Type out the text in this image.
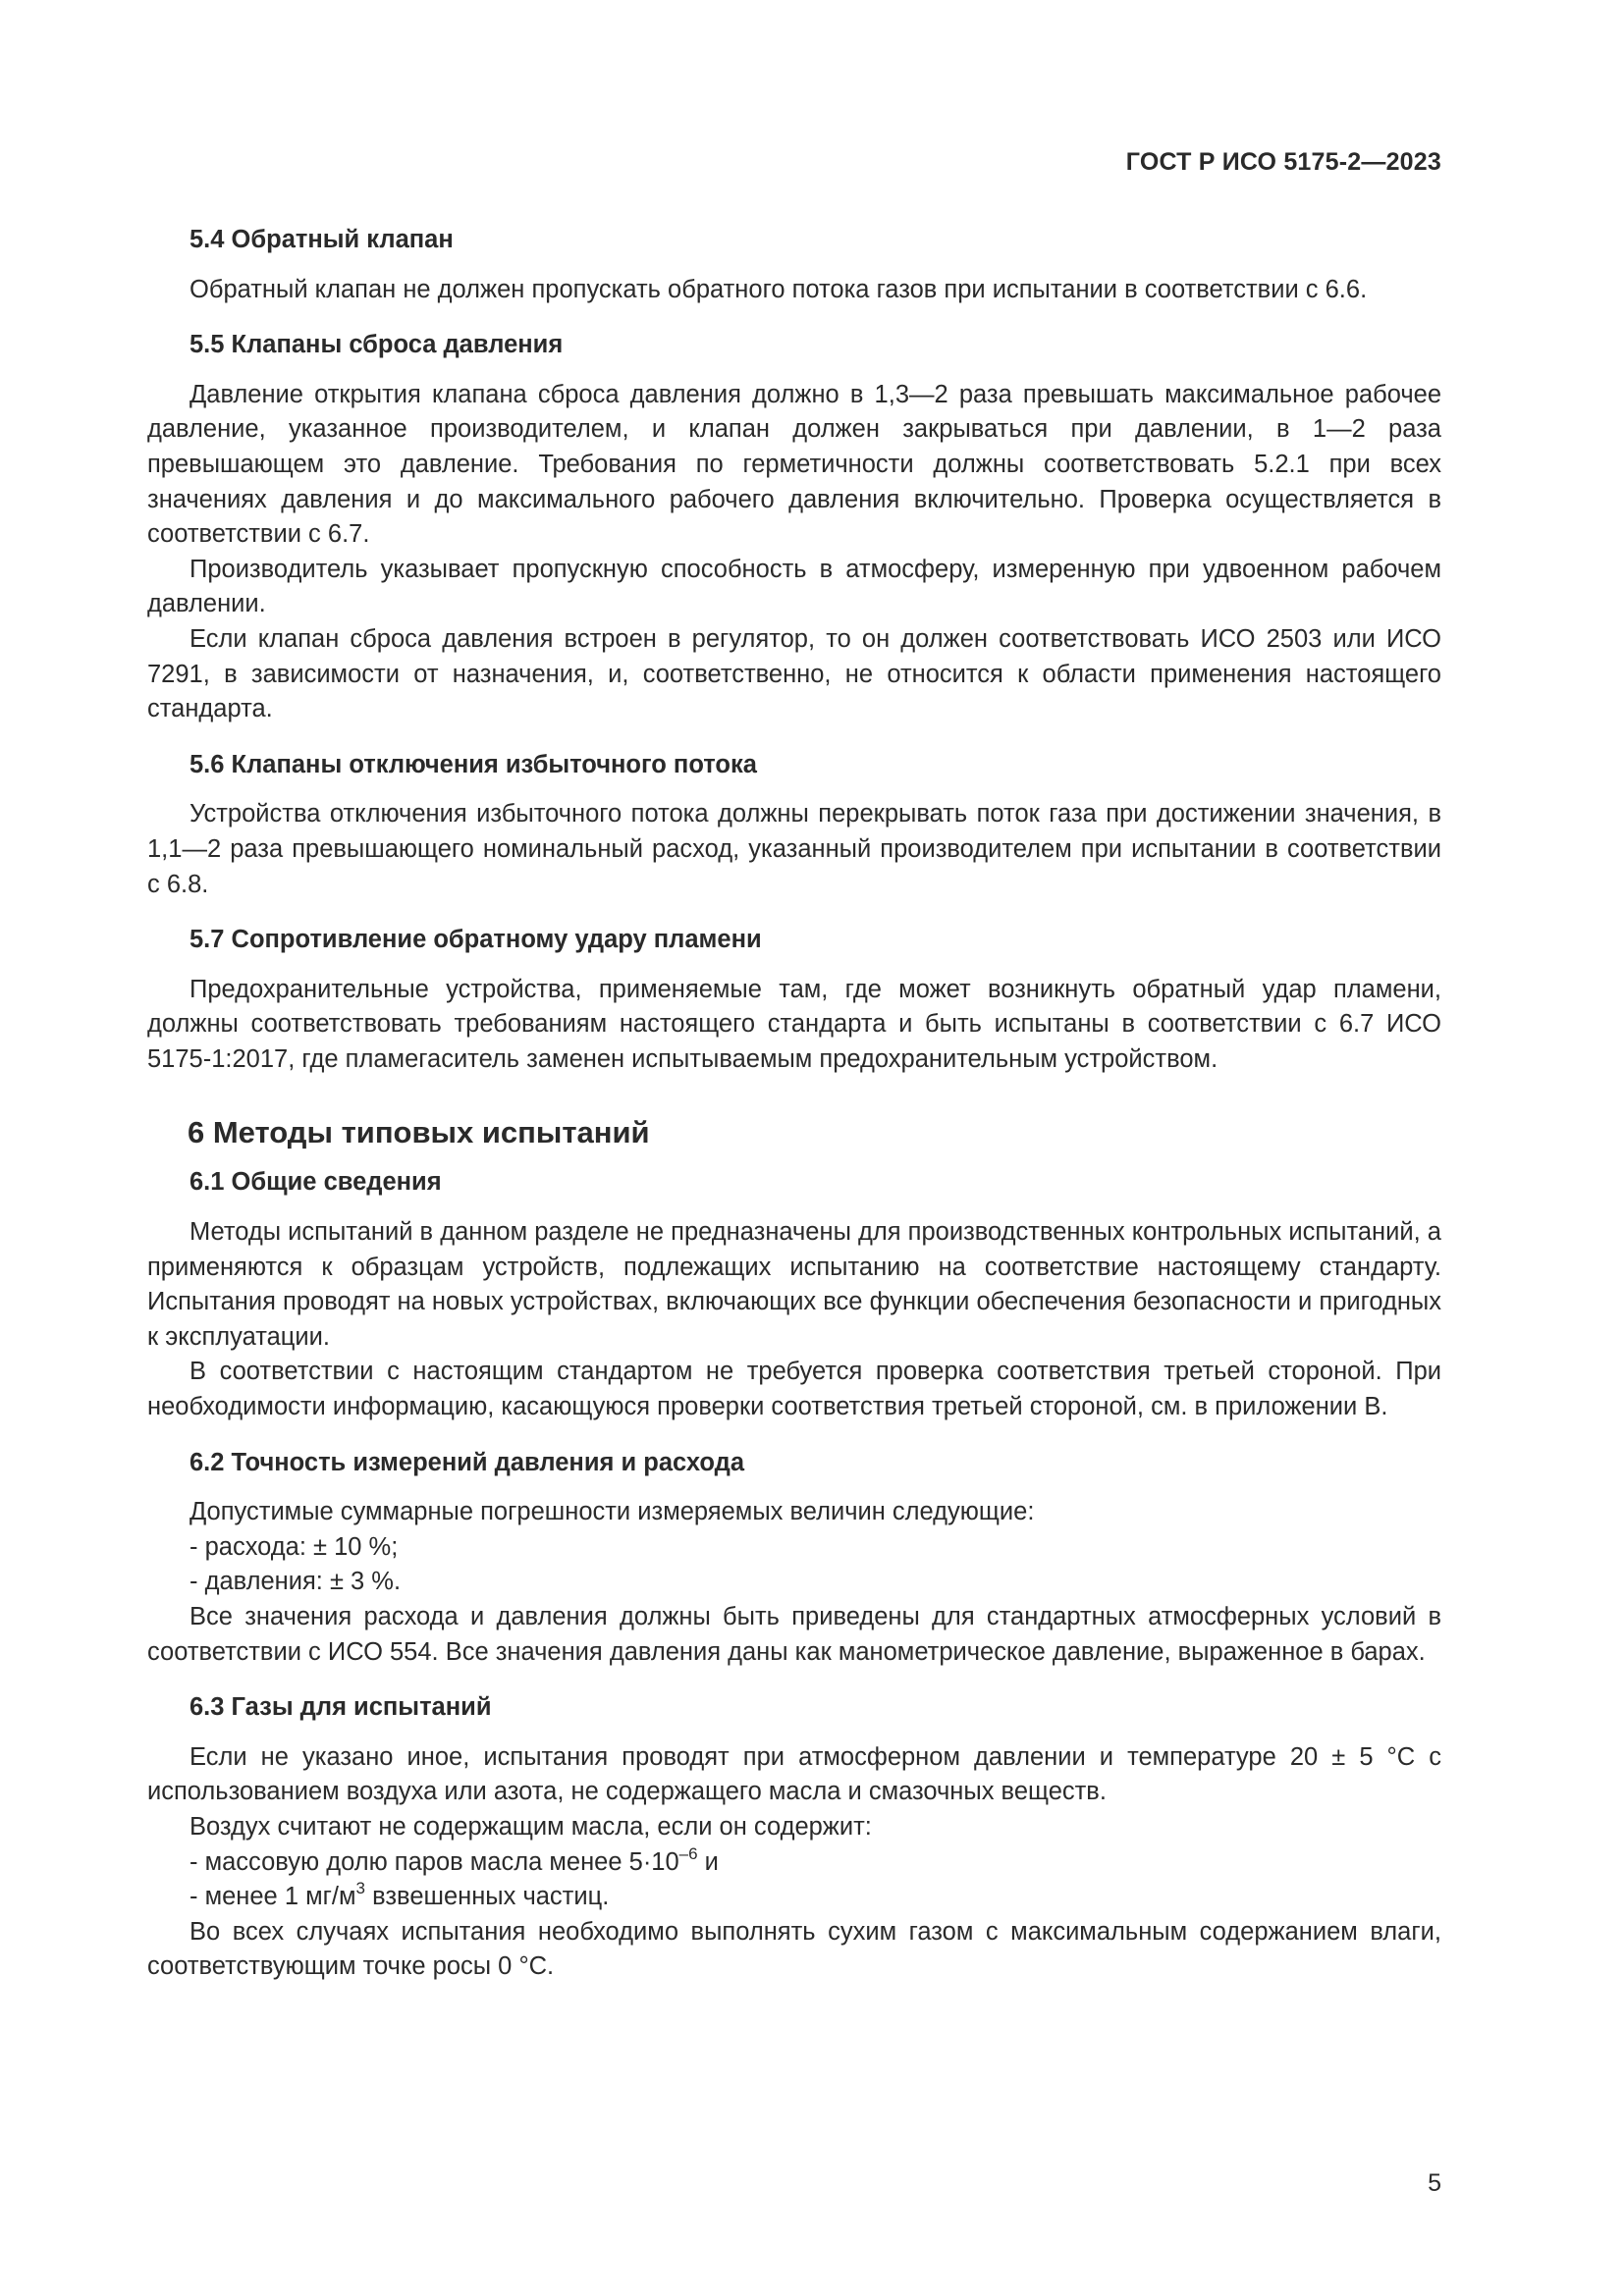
ГОСТ Р ИСО 5175-2—2023
5.4 Обратный клапан

Обратный клапан не должен пропускать обратного потока газов при испытании в соответствии с 6.6.

5.5 Клапаны сброса давления

Давление открытия клапана сброса давления должно в 1,3—2 раза превышать максимальное рабочее давление, указанное производителем, и клапан должен закрываться при давлении, в 1—2 раза превышающем это давление. Требования по герметичности должны соответствовать 5.2.1 при всех значениях давления и до максимального рабочего давления включительно. Проверка осуществляется в соответствии с 6.7.

Производитель указывает пропускную способность в атмосферу, измеренную при удвоенном рабочем давлении.

Если клапан сброса давления встроен в регулятор, то он должен соответствовать ИСО 2503 или ИСО 7291, в зависимости от назначения, и, соответственно, не относится к области применения настоящего стандарта.

5.6 Клапаны отключения избыточного потока

Устройства отключения избыточного потока должны перекрывать поток газа при достижении значения, в 1,1—2 раза превышающего номинальный расход, указанный производителем при испытании в соответствии с 6.8.

5.7 Сопротивление обратному удару пламени

Предохранительные устройства, применяемые там, где может возникнуть обратный удар пламени, должны соответствовать требованиям настоящего стандарта и быть испытаны в соответствии с 6.7 ИСО 5175-1:2017, где пламегаситель заменен испытываемым предохранительным устройством.

6 Методы типовых испытаний
6.1 Общие сведения

Методы испытаний в данном разделе не предназначены для производственных контрольных испытаний, а применяются к образцам устройств, подлежащих испытанию на соответствие настоящему стандарту. Испытания проводят на новых устройствах, включающих все функции обеспечения безопасности и пригодных к эксплуатации.

В соответствии с настоящим стандартом не требуется проверка соответствия третьей стороной. При необходимости информацию, касающуюся проверки соответствия третьей стороной, см. в приложении В.

6.2 Точность измерений давления и расхода

Допустимые суммарные погрешности измеряемых величин следующие:

- расхода: ± 10 %;

- давления: ± 3 %.

Все значения расхода и давления должны быть приведены для стандартных атмосферных условий в соответствии с ИСО 554. Все значения давления даны как манометрическое давление, выраженное в барах.

6.3 Газы для испытаний

Если не указано иное, испытания проводят при атмосферном давлении и температуре 20 ± 5 °С с использованием воздуха или азота, не содержащего масла и смазочных веществ.

Воздух считают не содержащим масла, если он содержит:

- массовую долю паров масла менее $5\cdot 10^{-6}$ и

- менее 1 $мг/м^3$ взвешенных частиц.

Во всех случаях испытания необходимо выполнять сухим газом с максимальным содержанием влаги, соответствующим точке росы 0 °С.

5
